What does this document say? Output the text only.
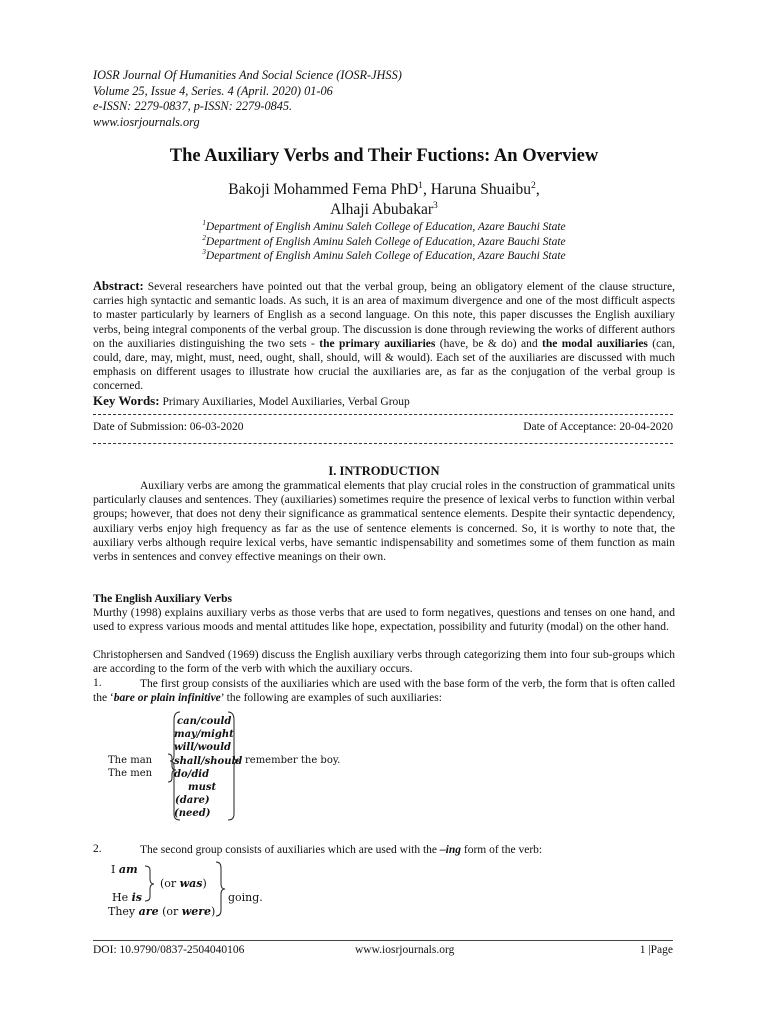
IOSR Journal Of Humanities And Social Science (IOSR-JHSS)
Volume 25, Issue 4, Series. 4 (April. 2020) 01-06
e-ISSN: 2279-0837, p-ISSN: 2279-0845.
www.iosrjournals.org
The Auxiliary Verbs and Their Fuctions: An Overview
Bakoji Mohammed Fema PhD$^1$, Haruna Shuaibu$^2$,
Alhaji Abubakar$^3$
$^1$Department of English Aminu Saleh College of Education, Azare Bauchi State
$^2$Department of English Aminu Saleh College of Education, Azare Bauchi State
$^3$Department of English Aminu Saleh College of Education, Azare Bauchi State
Abstract: Several researchers have pointed out that the verbal group, being an obligatory element of the clause structure, carries high syntactic and semantic loads. As such, it is an area of maximum divergence and one of the most difficult aspects to master particularly by learners of English as a second language. On this note, this paper discusses the English auxiliary verbs, being integral components of the verbal group. The discussion is done through reviewing the works of different authors on the auxiliaries distinguishing the two sets - the primary auxiliaries (have, be & do) and the modal auxiliaries (can, could, dare, may, might, must, need, ought, shall, should, will & would). Each set of the auxiliaries are discussed with much emphasis on different usages to illustrate how crucial the auxiliaries are, as far as the conjugation of the verbal group is concerned.
Key Words: Primary Auxiliaries, Model Auxiliaries, Verbal Group
Date of Submission: 06-03-2020	Date of Acceptance: 20-04-2020
I. INTRODUCTION
Auxiliary verbs are among the grammatical elements that play crucial roles in the construction of grammatical units particularly clauses and sentences. They (auxiliaries) sometimes require the presence of lexical verbs to function within verbal groups; however, that does not deny their significance as grammatical sentence elements. Despite their syntactic dependency, auxiliary verbs enjoy high frequency as far as the use of sentence elements is concerned. So, it is worthy to note that, the auxiliary verbs although require lexical verbs, have semantic indispensability and sometimes some of them function as main verbs in sentences and convey effective meanings on their own.
The English Auxiliary Verbs
Murthy (1998) explains auxiliary verbs as those verbs that are used to form negatives, questions and tenses on one hand, and used to express various moods and mental attitudes like hope, expectation, possibility and futurity (modal) on the other hand.
Christophersen and Sandved (1969) discuss the English auxiliary verbs through categorizing them into four sub-groups which are according to the form of the verb with which the auxiliary occurs.
1.	The first group consists of the auxiliaries which are used with the base form of the verb, the form that is often called the ‘bare or plain infinitive’ the following are examples of such auxiliaries:
The man
The men
can/could
may/might
will/would
shall/should
do/did
must
(dare)
(need)
remember the boy.
2.	The second group consists of auxiliaries which are used with the –ing form of the verb:
I am
(or was)
He is
They are (or were)
going.
DOI: 10.9790/0837-2504040106	www.iosrjournals.org	1 |Page
